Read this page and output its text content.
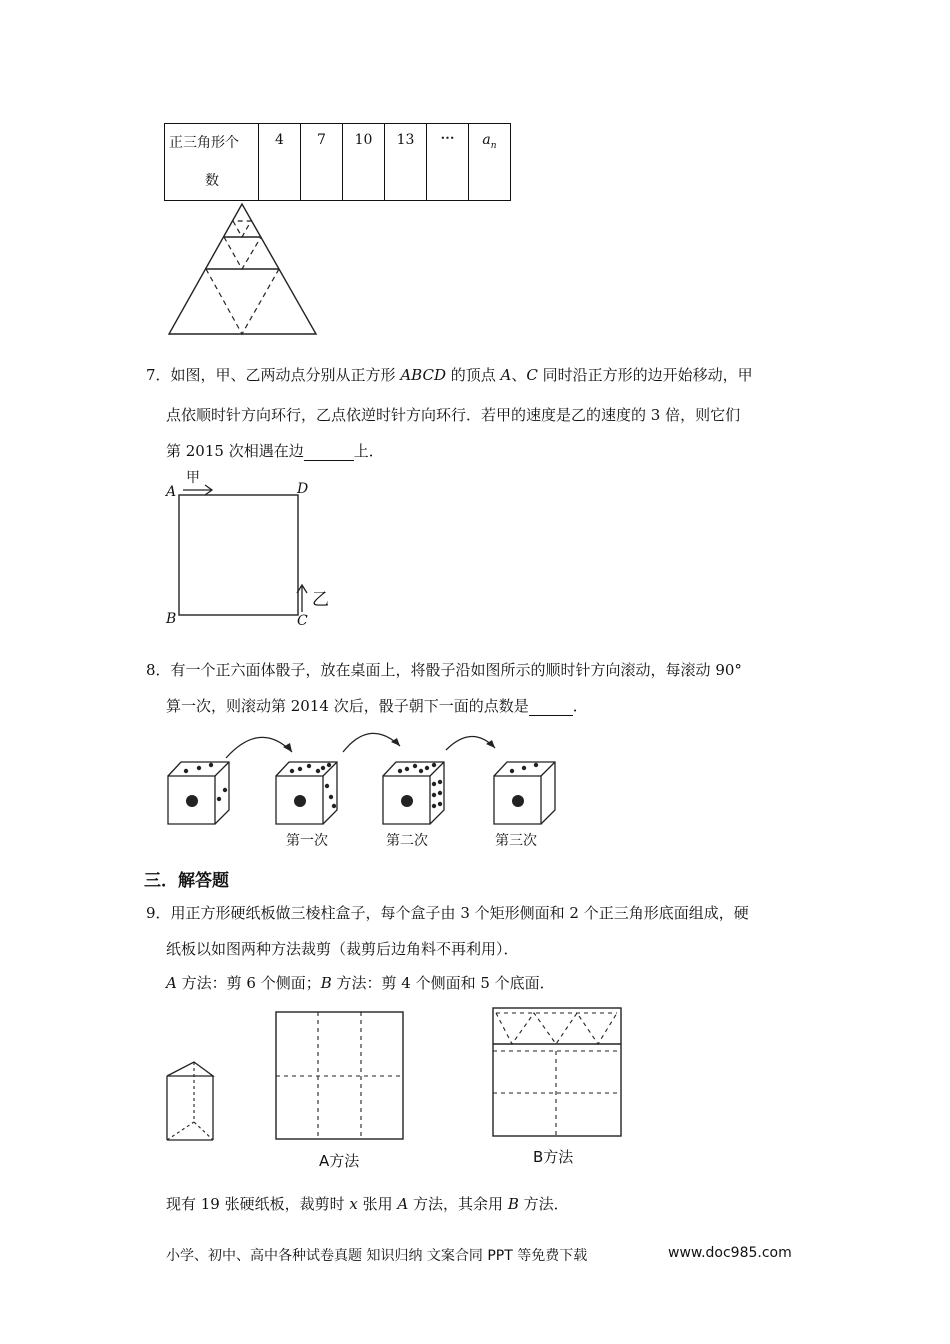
正三角形个
数

4	7	10	13	⋯	$a_n$
7．如图，甲、乙两动点分别从正方形 ABCD 的顶点 A、C 同时沿正方形的边开始移动，甲
点依顺时针方向环行，乙点依逆时针方向环行．若甲的速度是乙的速度的 3 倍，则它们
第 2015 次相遇在边	上．
甲
A	D
B	C
乙
8．有一个正六面体骰子，放在桌面上，将骰子沿如图所示的顺时针方向滚动，每滚动 90°
算一次，则滚动第 2014 次后，骰子朝下一面的点数是	．
第一次	第二次	第三次
三．解答题
9．用正方形硬纸板做三棱柱盒子，每个盒子由 3 个矩形侧面和 2 个正三角形底面组成，硬
纸板以如图两种方法裁剪（裁剪后边角料不再利用）．
A 方法：剪 6 个侧面；B 方法：剪 4 个侧面和 5 个底面．
A方法	B方法
现有 19 张硬纸板，裁剪时 x 张用 A 方法，其余用 B 方法．
小学、初中、高中各种试卷真题 知识归纳 文案合同 PPT 等免费下载	www.doc985.com
